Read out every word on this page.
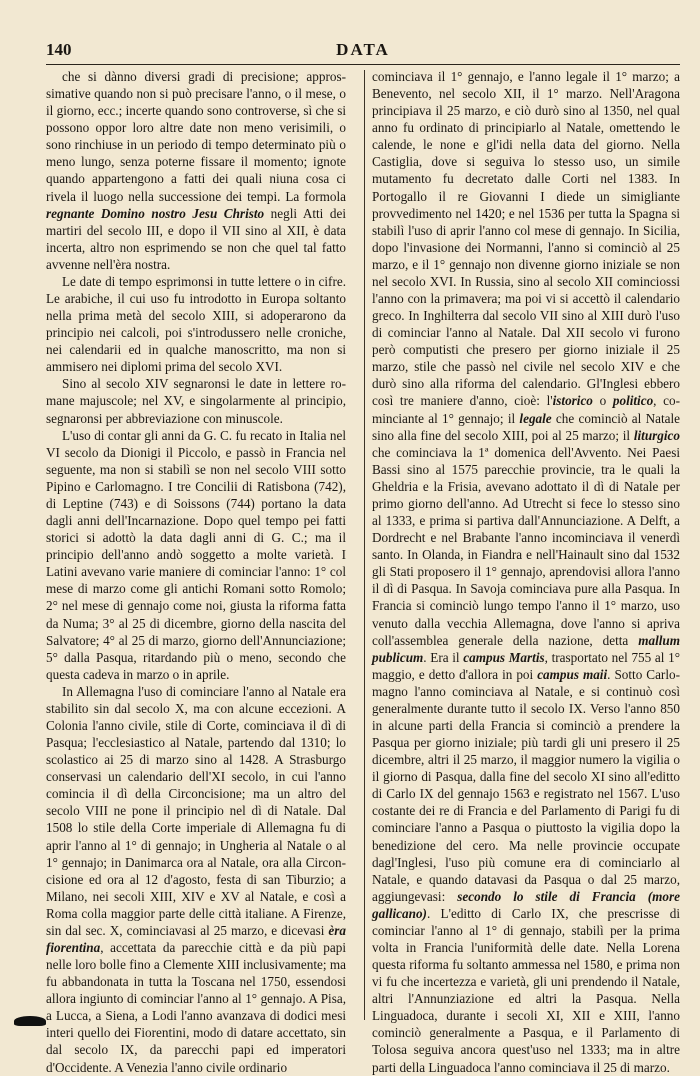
140	DATA

che si dànno diversi gradi di precisione; approssimative quando non si può precisare l'anno, o il mese, o il giorno, ecc.; incerte quando sono controverse, sì che si possono oppor loro altre date non meno verisimili, o sono rinchiuse in un periodo di tempo determinato più o meno lungo, senza poterne fissare il momento; ignote quando appartengono a fatti dei quali niuna cosa ci rivela il luogo nella successione dei tempi. La formola regnante Domino nostro Jesu Christo negli Atti dei martiri del secolo III, e dopo il VII sino al XII, è data incerta, altro non esprimendo se non che quel tal fatto avvenne nell'èra nostra.

Le date di tempo esprimonsi in tutte lettere o in cifre. Le arabiche, il cui uso fu introdotto in Europa soltanto nella prima metà del secolo XIII, si adoperarono da principio nei calcoli, poi s'introdussero nelle croniche, nei calendarii ed in qualche manoscritto, ma non si ammisero nei diplomi prima del secolo XVI.

Sino al secolo XIV segnaronsi le date in lettere romane majuscole; nel XV, e singolarmente al principio, segnaronsi per abbreviazione con minuscole.

L'uso di contar gli anni da G. C. fu recato in Italia nel VI secolo da Dionigi il Piccolo, e passò in Francia nel seguente, ma non si stabilì se non nel secolo VIII sotto Pipino e Carlomagno. I tre Concilii di Ratisbona (742), di Leptine (743) e di Soissons (744) portano la data dagli anni dell'Incarnazione. Dopo quel tempo pei fatti storici si adottò la data dagli anni di G. C.; ma il principio dell'anno andò soggetto a molte varietà. I Latini avevano varie maniere di cominciar l'anno: 1° col mese di marzo come gli antichi Romani sotto Romolo; 2° nel mese di gennajo come noi, giusta la riforma fatta da Numa; 3° al 25 di dicembre, giorno della nascita del Salvatore; 4° al 25 di marzo, giorno dell'Annunciazione; 5° dalla Pasqua, ritardando più o meno, secondo che questa cadeva in marzo o in aprile.

In Allemagna l'uso di cominciare l'anno al Natale era stabilito sin dal secolo X, ma con alcune eccezioni. A Colonia l'anno civile, stile di Corte, cominciava il dì di Pasqua; l'ecclesiastico al Natale, partendo dal 1310; lo scolastico ai 25 di marzo sino al 1428. A Strasburgo conservasi un calendario dell'XI secolo, in cui l'anno comincia il dì della Circoncisione; ma un altro del secolo VIII ne pone il principio nel dì di Natale. Dal 1508 lo stile della Corte imperiale di Allemagna fu di aprir l'anno al 1° di gennajo; in Ungheria al Natale o al 1° gennajo; in Danimarca ora al Natale, ora alla Circoncisione ed ora al 12 d'agosto, festa di san Tiburzio; a Milano, nei secoli XIII, XIV e XV al Natale, e così a Roma colla maggior parte delle città italiane. A Firenze, sin dal sec. X, cominciavasi al 25 marzo, e dicevasi èra fiorentina, accettata da parecchie città e da più papi nelle loro bolle fino a Clemente XIII inclusivamente; ma fu abbandonata in tutta la Toscana nel 1750, essendosi allora ingiunto di cominciar l'anno al 1° gennajo. A Pisa, a Lucca, a Siena, a Lodi l'anno avanzava di dodici mesi interi quello dei Fiorentini, modo di datare accettato, sin dal secolo IX, da parecchi papi ed imperatori d'Occidente. A Venezia l'anno civile ordinario

cominciava il 1° gennajo, e l'anno legale il 1° marzo; a Benevento, nel secolo XII, il 1° marzo. Nell'Aragona principiava il 25 marzo, e ciò durò sino al 1350, nel qual anno fu ordinato di principiarlo al Natale, omettendo le calende, le none e gl'idi nella data del giorno. Nella Castiglia, dove si seguiva lo stesso uso, un simile mutamento fu decretato dalle Corti nel 1383. In Portogallo il re Giovanni I diede un simigliante provvedimento nel 1420; e nel 1536 per tutta la Spagna si stabilì l'uso di aprir l'anno col mese di gennajo. In Sicilia, dopo l'invasione dei Normanni, l'anno si cominciò al 25 marzo, e il 1° gennajo non divenne giorno iniziale se non nel secolo XVI. In Russia, sino al secolo XII cominciossi l'anno con la primavera; ma poi vi si accettò il calendario greco. In Inghilterra dal secolo VII sino al XIII durò l'uso di cominciar l'anno al Natale. Dal XII secolo vi furono però computisti che presero per giorno iniziale il 25 marzo, stile che passò nel civile nel secolo XIV e che durò sino alla riforma del calendario. Gl'Inglesi ebbero così tre maniere d'anno, cioè: l'istorico o politico, cominciante al 1° gennajo; il legale che cominciò al Natale sino alla fine del secolo XIII, poi al 25 marzo; il liturgico che cominciava la 1ª domenica dell'Avvento. Nei Paesi Bassi sino al 1575 parecchie provincie, tra le quali la Gheldria e la Frisia, avevano adottato il dì di Natale per primo giorno dell'anno. Ad Utrecht si fece lo stesso sino al 1333, e prima si partiva dall'Annunciazione. A Delft, a Dordrecht e nel Brabante l'anno incominciava il venerdì santo. In Olanda, in Fiandra e nell'Hainault sino dal 1532 gli Stati proposero il 1° gennajo, aprendovisi allora l'anno il dì di Pasqua. In Savoja cominciava pure alla Pasqua. In Francia si cominciò lungo tempo l'anno il 1° marzo, uso venuto dalla vecchia Allemagna, dove l'anno si apriva coll'assemblea generale della nazione, detta mallum publicum. Era il campus Martis, trasportato nel 755 al 1° maggio, e detto d'allora in poi campus maii. Sotto Carlomagno l'anno cominciava al Natale, e si continuò così generalmente durante tutto il secolo IX. Verso l'anno 850 in alcune parti della Francia si cominciò a prendere la Pasqua per giorno iniziale; più tardi gli uni presero il 25 dicembre, altri il 25 marzo, il maggior numero la vigilia o il giorno di Pasqua, dalla fine del secolo XI sino all'editto di Carlo IX del gennajo 1563 e registrato nel 1567. L'uso costante dei re di Francia e del Parlamento di Parigi fu di cominciare l'anno a Pasqua o piuttosto la vigilia dopo la benedizione del cero. Ma nelle provincie occupate dagl'Inglesi, l'uso più comune era di cominciarlo al Natale, e quando datavasi da Pasqua o dal 25 marzo, aggiungevasi: secondo lo stile di Francia (more gallicano). L'editto di Carlo IX, che prescrisse di cominciar l'anno al 1° di gennajo, stabilì per la prima volta in Francia l'uniformità delle date. Nella Lorena questa riforma fu soltanto ammessa nel 1580, e prima non vi fu che incertezza e varietà, gli uni prendendo il Natale, altri l'Annunziazione ed altri la Pasqua. Nella Linguadoca, durante i secoli XI, XII e XIII, l'anno cominciò generalmente a Pasqua, e il Parlamento di Tolosa seguiva ancora quest'uso nel 1333; ma in altre parti della Linguadoca l'anno cominciava il 25 di marzo.
